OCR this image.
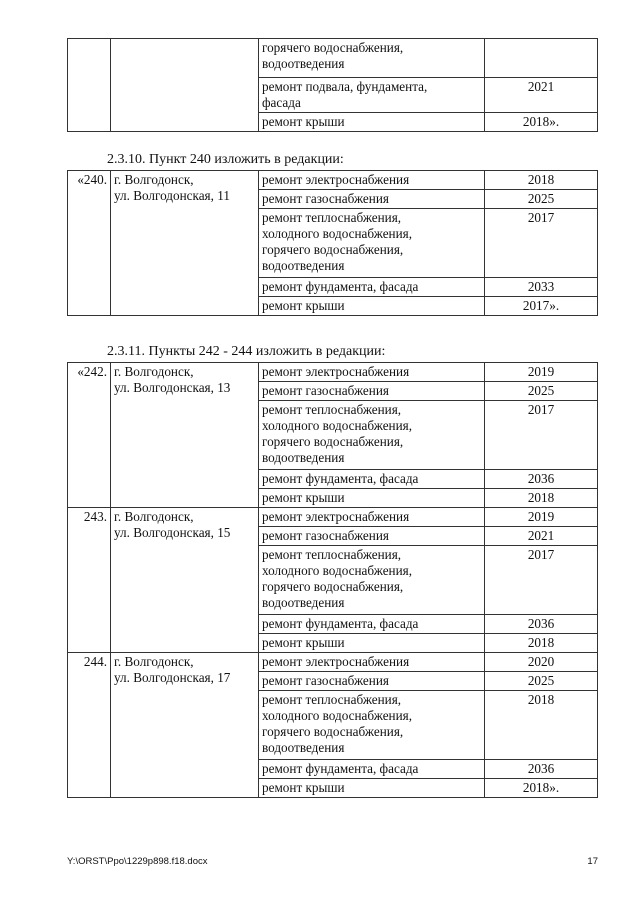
		горячего водоснабжения,
водоотведения	

		ремонт подвала, фундамента,
фасада	2021

		ремонт крыши	2018».
2.3.10. Пункт 240 изложить в редакции:
«240.	г. Волгодонск,
ул. Волгодонская, 11	ремонт электроснабжения	2018

		ремонт газоснабжения	2025

		ремонт теплоснабжения,
холодного водоснабжения,
горячего водоснабжения,
водоотведения	2017

		ремонт фундамента, фасада	2033

		ремонт крыши	2017».
2.3.11. Пункты 242 - 244 изложить в редакции:
«242.	г. Волгодонск,
ул. Волгодонская, 13	ремонт электроснабжения	2019

		ремонт газоснабжения	2025

		ремонт теплоснабжения,
холодного водоснабжения,
горячего водоснабжения,
водоотведения	2017

		ремонт фундамента, фасада	2036

		ремонт крыши	2018
243.	г. Волгодонск,
ул. Волгодонская, 15	ремонт электроснабжения	2019

		ремонт газоснабжения	2021

		ремонт теплоснабжения,
холодного водоснабжения,
горячего водоснабжения,
водоотведения	2017

		ремонт фундамента, фасада	2036

		ремонт крыши	2018
244.	г. Волгодонск,
ул. Волгодонская, 17	ремонт электроснабжения	2020

		ремонт газоснабжения	2025

		ремонт теплоснабжения,
холодного водоснабжения,
горячего водоснабжения,
водоотведения	2018

		ремонт фундамента, фасада	2036

		ремонт крыши	2018».
Y:\ORST\Ppo\1229p898.f18.docx	17
